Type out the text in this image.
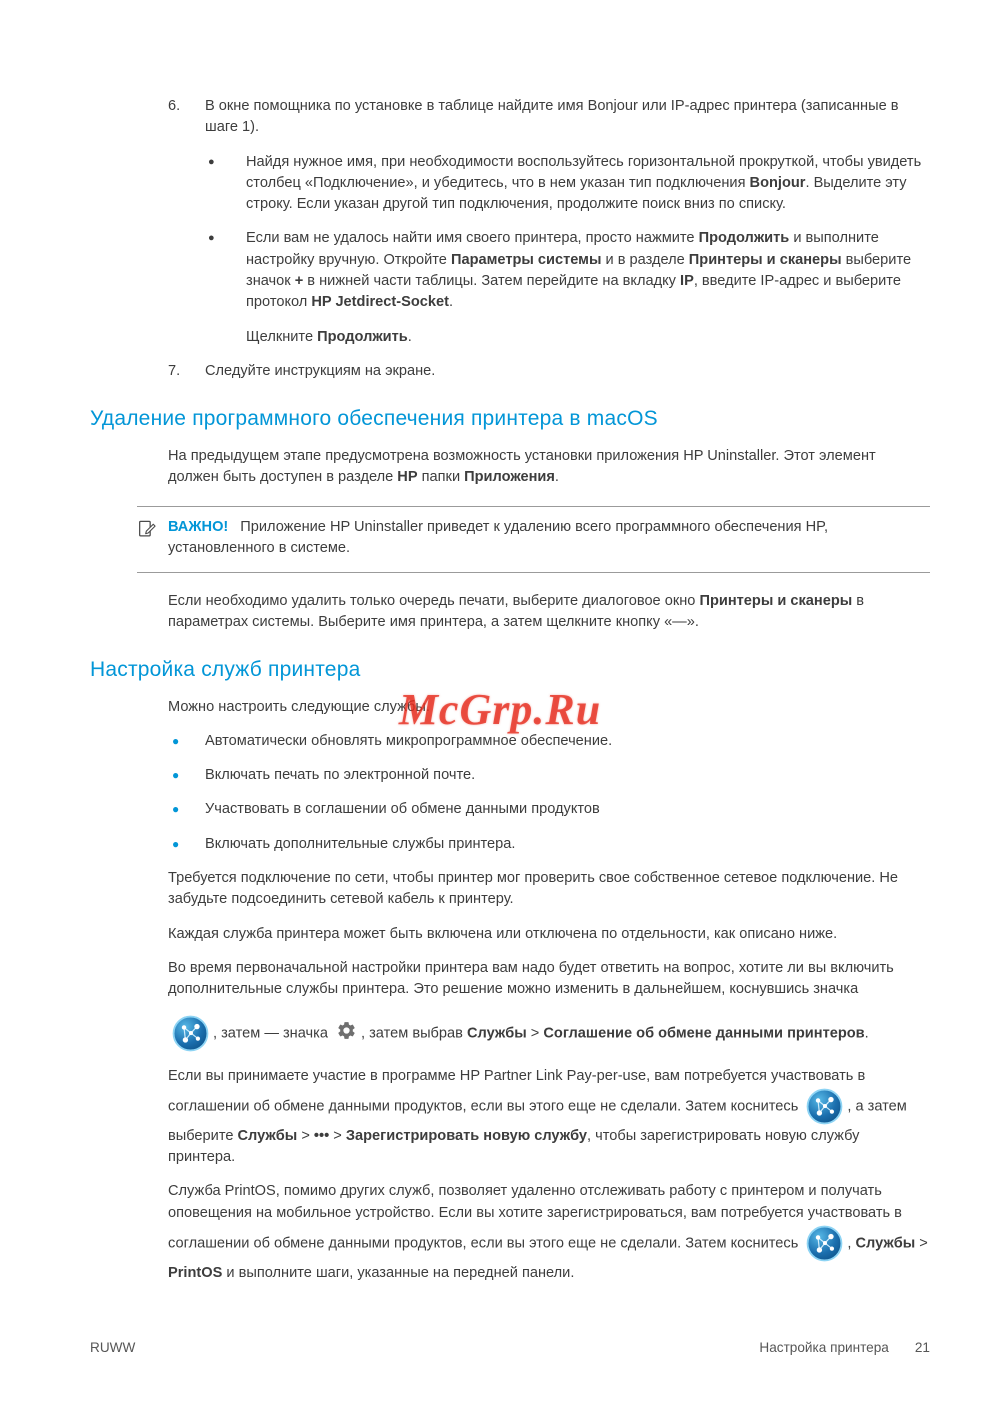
6.	В окне помощника по установке в таблице найдите имя Bonjour или IP-адрес принтера (записанные в шаге 1).
●	Найдя нужное имя, при необходимости воспользуйтесь горизонтальной прокруткой, чтобы увидеть столбец «Подключение», и убедитесь, что в нем указан тип подключения Bonjour. Выделите эту строку. Если указан другой тип подключения, продолжите поиск вниз по списку.
●	Если вам не удалось найти имя своего принтера, просто нажмите Продолжить и выполните настройку вручную. Откройте Параметры системы и в разделе Принтеры и сканеры выберите значок + в нижней части таблицы. Затем перейдите на вкладку IP, введите IP-адрес и выберите протокол HP Jetdirect-Socket.

Щелкните Продолжить.

7.	Следуйте инструкциям на экране.
Удаление программного обеспечения принтера в macOS

На предыдущем этапе предусмотрена возможность установки приложения HP Uninstaller. Этот элемент должен быть доступен в разделе HP папки Приложения.

ВАЖНО! Приложение HP Uninstaller приведет к удалению всего программного обеспечения HP, установленного в системе.

Если необходимо удалить только очередь печати, выберите диалоговое окно Принтеры и сканеры в параметрах системы. Выберите имя принтера, а затем щелкните кнопку «—».

Настройка служб принтера

Можно настроить следующие службы.

●	Автоматически обновлять микропрограммное обеспечение.
●	Включать печать по электронной почте.
●	Участвовать в соглашении об обмене данными продуктов
●	Включать дополнительные службы принтера.

Требуется подключение по сети, чтобы принтер мог проверить свое собственное сетевое подключение. Не забудьте подсоединить сетевой кабель к принтеру.

Каждая служба принтера может быть включена или отключена по отдельности, как описано ниже.

Во время первоначальной настройки принтера вам надо будет ответить на вопрос, хотите ли вы включить дополнительные службы принтера. Это решение можно изменить в дальнейшем, коснувшись значка

, затем — значка
, затем выбрав Службы > Соглашение об обмене данными принтеров.

Если вы принимаете участие в программе HP Partner Link Pay-per-use, вам потребуется участвовать в соглашении об обмене данными продуктов, если вы этого еще не сделали. Затем коснитесь	, а затем выберите Службы > ••• > Зарегистрировать новую службу, чтобы зарегистрировать новую службу принтера.

Служба PrintOS, помимо других служб, позволяет удаленно отслеживать работу с принтером и получать оповещения на мобильное устройство. Если вы хотите зарегистрироваться, вам потребуется участвовать в соглашении об обмене данными продуктов, если вы этого еще не сделали. Затем коснитесь	, Службы > PrintOS и выполните шаги, указанные на передней панели.

McGrp.Ru
RUWW	Настройка принтера 21
